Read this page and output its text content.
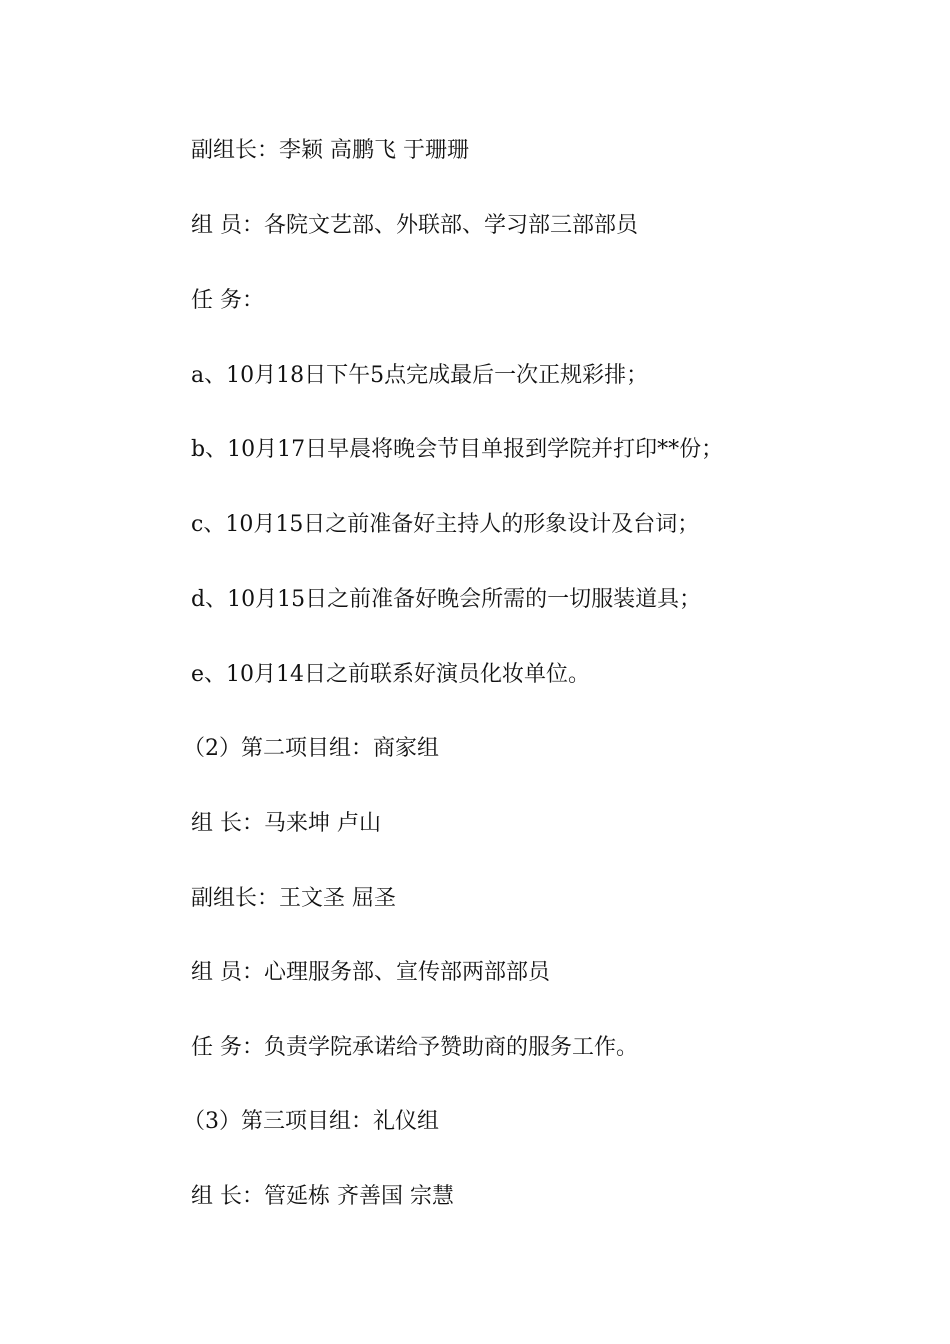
副组长：李颖 高鹏飞 于珊珊

组 员：各院文艺部、外联部、学习部三部部员

任 务：

a、10月18日下午5点完成最后一次正规彩排；

b、10月17日早晨将晚会节目单报到学院并打印**份；

c、10月15日之前准备好主持人的形象设计及台词；

d、10月15日之前准备好晚会所需的一切服装道具；

e、10月14日之前联系好演员化妆单位。

（2）第二项目组：商家组

组 长：马来坤 卢山

副组长：王文圣 屈圣

组 员：心理服务部、宣传部两部部员

任 务：负责学院承诺给予赞助商的服务工作。

（3）第三项目组：礼仪组

组 长：管延栋 齐善国 宗慧
